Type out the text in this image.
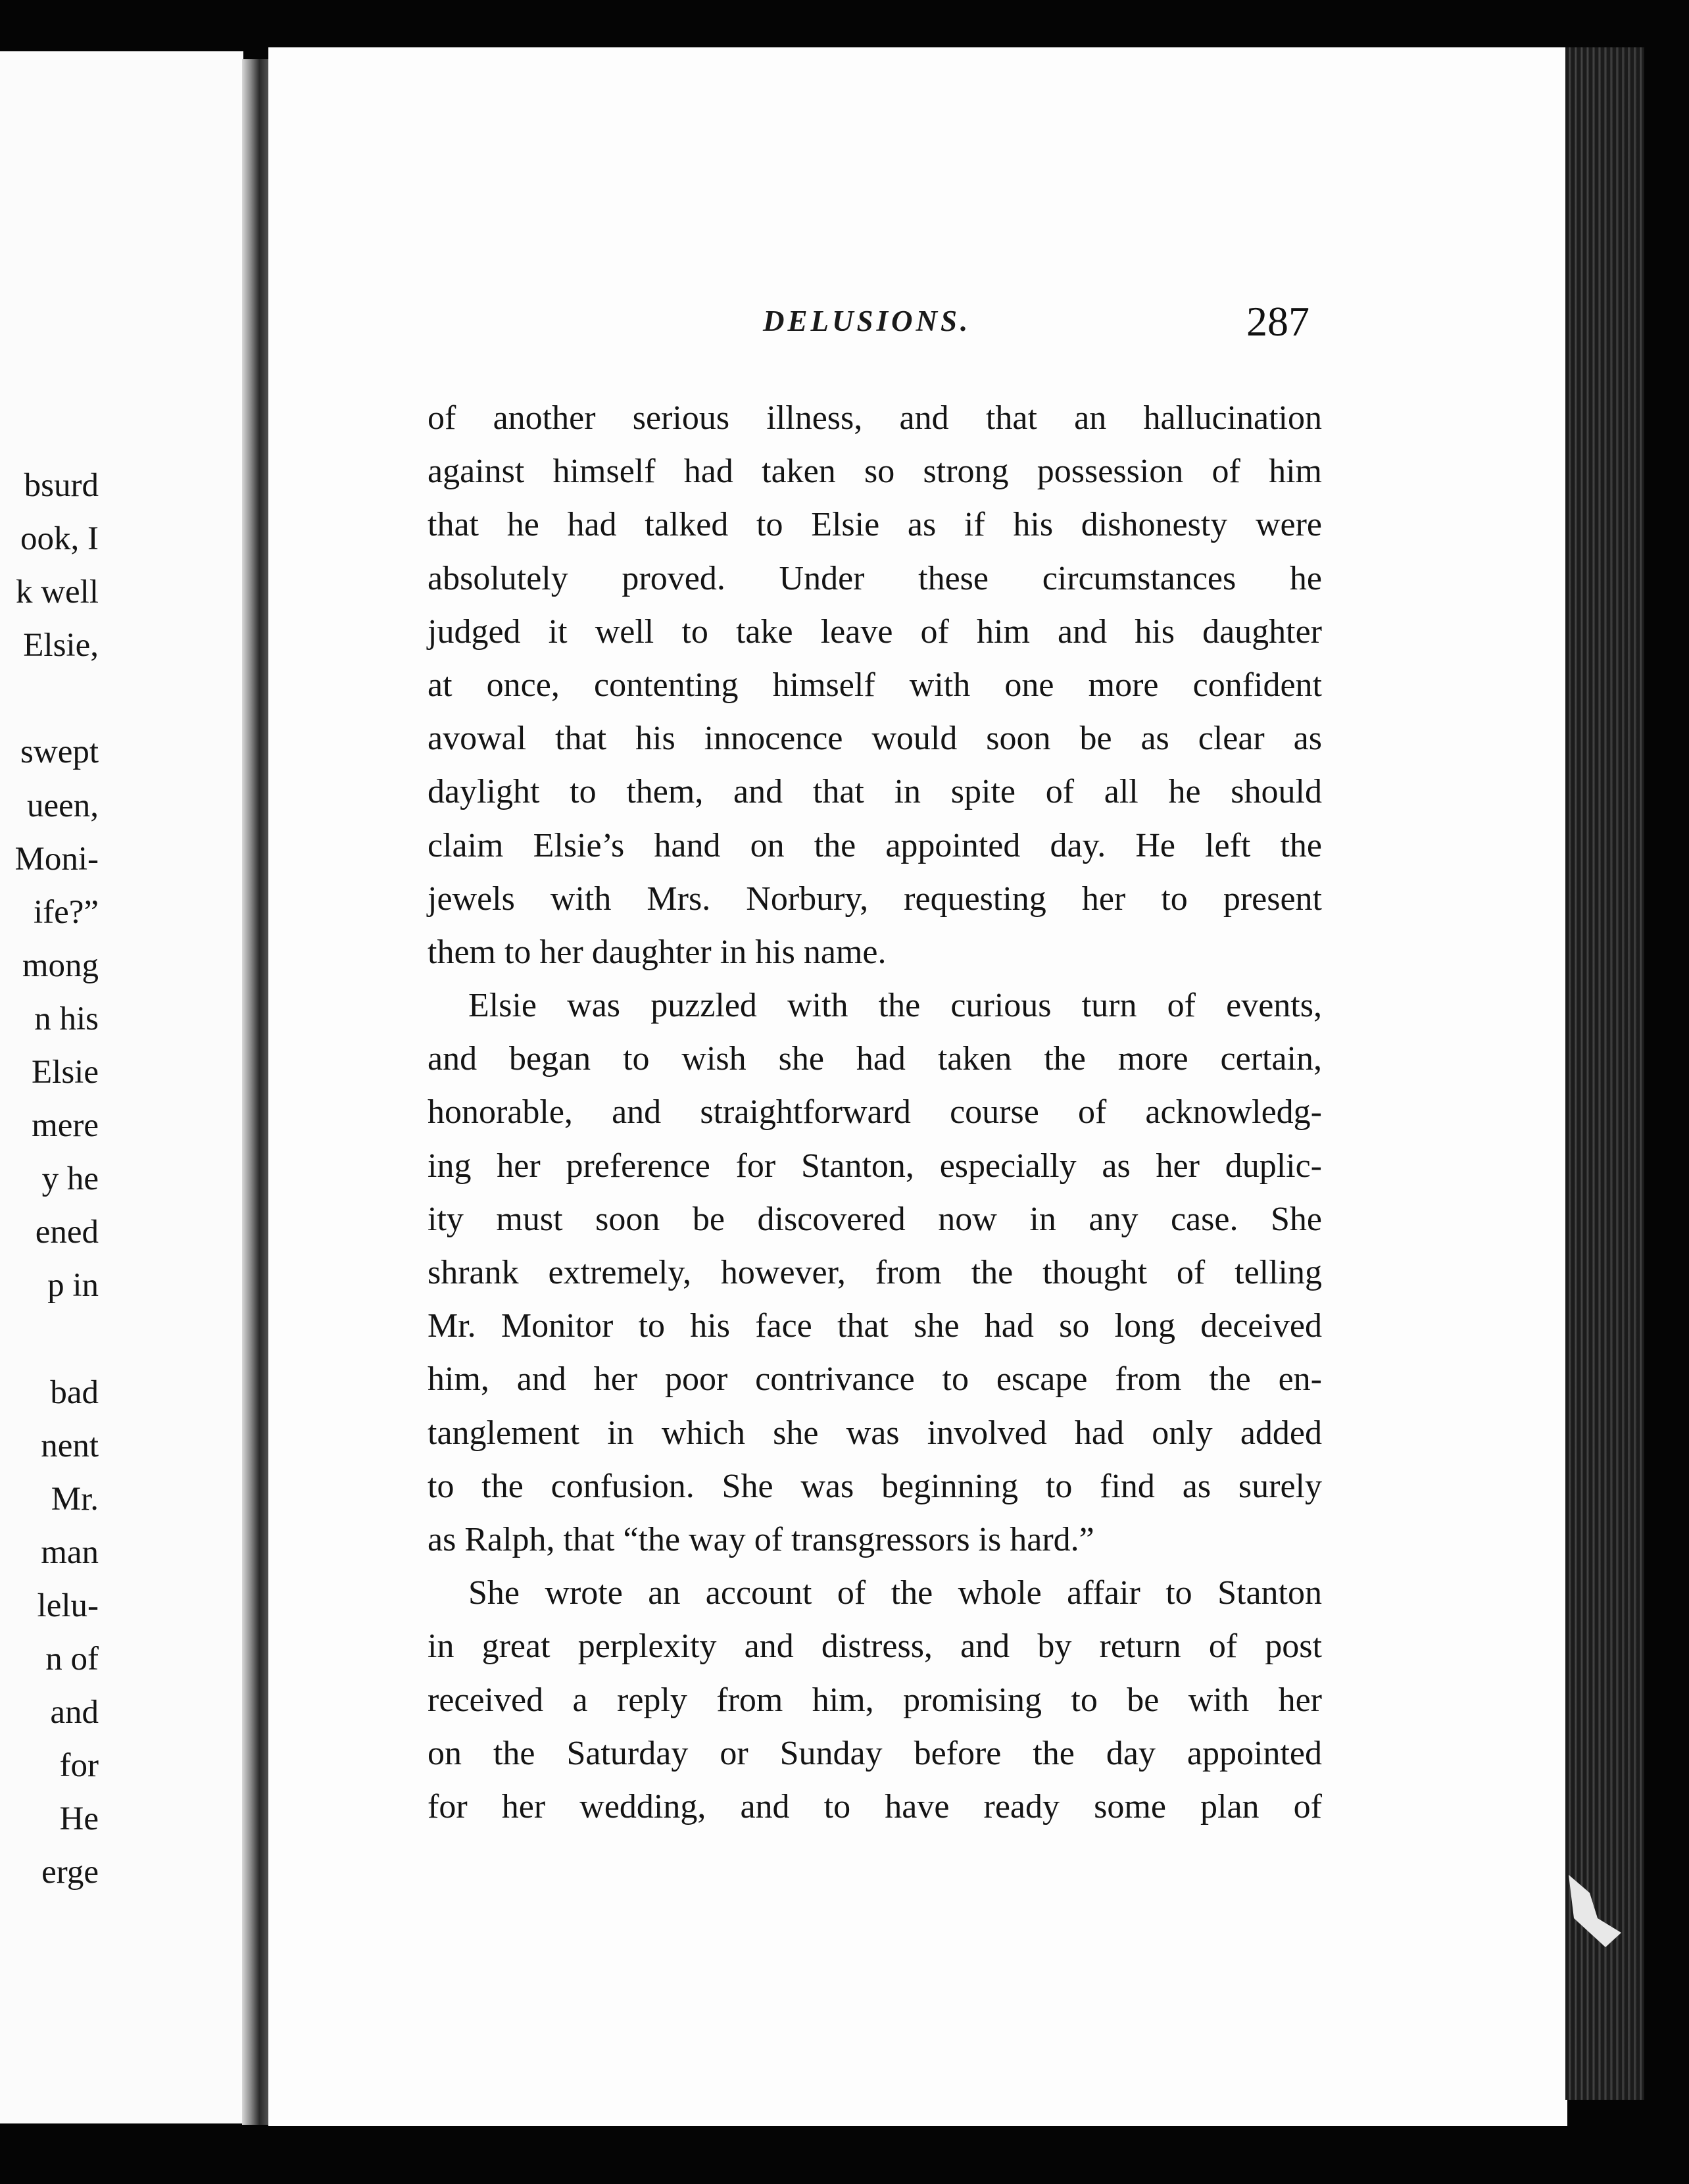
bsurd
ook, I
k well
Elsie,
swept
ueen,
Moni-
ife?”
mong
n his
Elsie
mere
y he
ened
p in
bad
nent
Mr.
man
lelu-
n of
and
for
He
erge
DELUSIONS.	287
of another serious illness, and that an hallucination
against himself had taken so strong possession of him
that he had talked to Elsie as if his dishonesty were
absolutely proved. Under these circumstances he
judged it well to take leave of him and his daughter
at once, contenting himself with one more confident
avowal that his innocence would soon be as clear as
daylight to them, and that in spite of all he should
claim Elsie’s hand on the appointed day. He left the
jewels with Mrs. Norbury, requesting her to present
them to her daughter in his name.
Elsie was puzzled with the curious turn of events,
and began to wish she had taken the more certain,
honorable, and straightforward course of acknowledg-
ing her preference for Stanton, especially as her duplic-
ity must soon be discovered now in any case. She
shrank extremely, however, from the thought of telling
Mr. Monitor to his face that she had so long deceived
him, and her poor contrivance to escape from the en-
tanglement in which she was involved had only added
to the confusion. She was beginning to find as surely
as Ralph, that “the way of transgressors is hard.”
She wrote an account of the whole affair to Stanton
in great perplexity and distress, and by return of post
received a reply from him, promising to be with her
on the Saturday or Sunday before the day appointed
for her wedding, and to have ready some plan of
